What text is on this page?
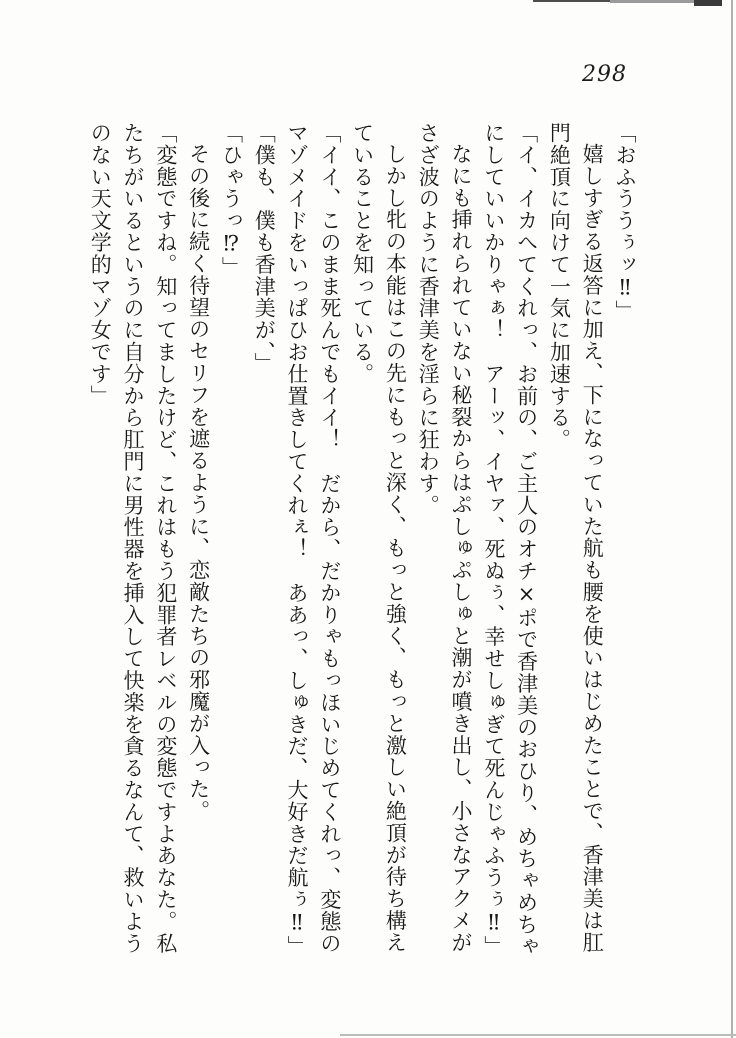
298

「おふううぅッ‼」

嬉しすぎる返答に加え、下になっていた航も腰を使いはじめたことで、香津美は肛門絶頂に向けて一気に加速する。

「イ、イカへてくれっ、お前の、ご主人のオチ×ポで香津美のおひり、めちゃめちゃにしていいかりゃぁ！　アーッ、イヤァ、死ぬぅ、幸せしゅぎて死んじゃふうぅ‼」

なにも挿れられていない秘裂からはぷしゅぷしゅと潮が噴き出し、小さなアクメがさざ波のように香津美を淫らに狂わす。

しかし牝の本能はこの先にもっと深く、もっと強く、もっと激しい絶頂が待ち構えていることを知っている。

「イイ、このまま死んでもイイ！　だから、だかりゃもっほいじめてくれっ、変態のマゾメイドをいっぱひお仕置きしてくれぇ！　ああっ、しゅきだ、大好きだ航ぅ‼」

「僕も、僕も香津美が、」

「ひゃうっ⁉」

その後に続く待望のセリフを遮るように、恋敵たちの邪魔が入った。

「変態ですね。知ってましたけど、これはもう犯罪者レベルの変態ですよあなた。私たちがいるというのに自分から肛門に男性器を挿入して快楽を貪るなんて、救いようのない天文学的マゾ女です」
